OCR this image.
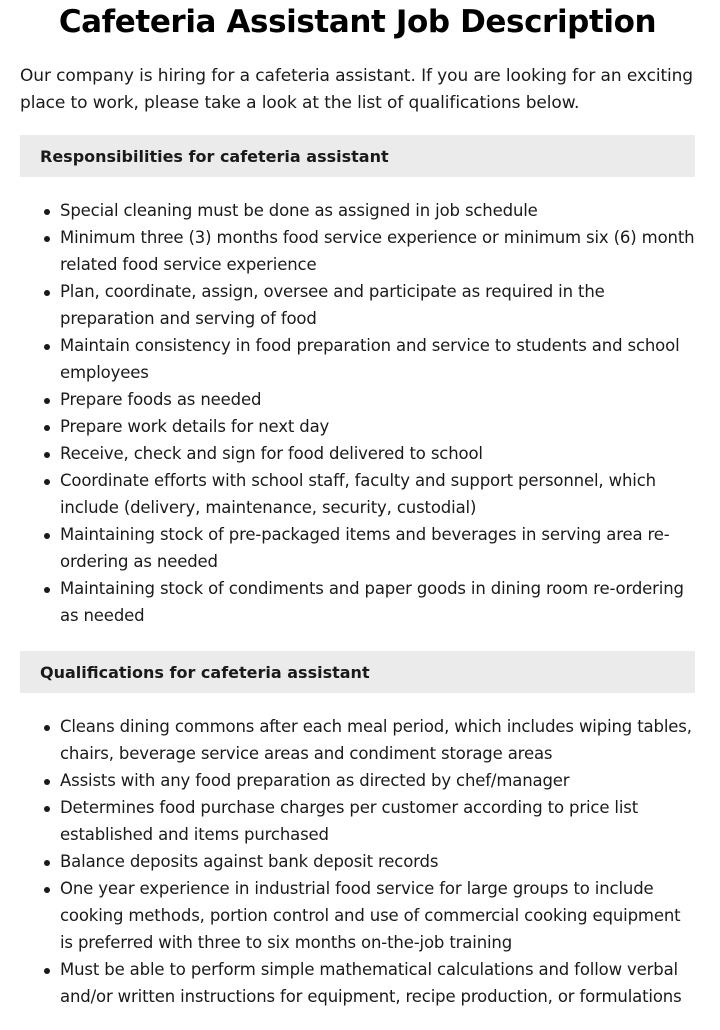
Cafeteria Assistant Job Description

Our company is hiring for a cafeteria assistant. If you are looking for an exciting place to work, please take a look at the list of qualifications below.

Responsibilities for cafeteria assistant
Special cleaning must be done as assigned in job schedule
Minimum three (3) months food service experience or minimum six (6) month related food service experience
Plan, coordinate, assign, oversee and participate as required in the preparation and serving of food
Maintain consistency in food preparation and service to students and school employees
Prepare foods as needed
Prepare work details for next day
Receive, check and sign for food delivered to school
Coordinate efforts with school staff, faculty and support personnel, which include (delivery, maintenance, security, custodial)
Maintaining stock of pre-packaged items and beverages in serving area re-ordering as needed
Maintaining stock of condiments and paper goods in dining room re-ordering as needed
Qualifications for cafeteria assistant
Cleans dining commons after each meal period, which includes wiping tables, chairs, beverage service areas and condiment storage areas
Assists with any food preparation as directed by chef/manager
Determines food purchase charges per customer according to price list established and items purchased
Balance deposits against bank deposit records
One year experience in industrial food service for large groups to include cooking methods, portion control and use of commercial cooking equipment is preferred with three to six months on-the-job training
Must be able to perform simple mathematical calculations and follow verbal and/or written instructions for equipment, recipe production, or formulations
